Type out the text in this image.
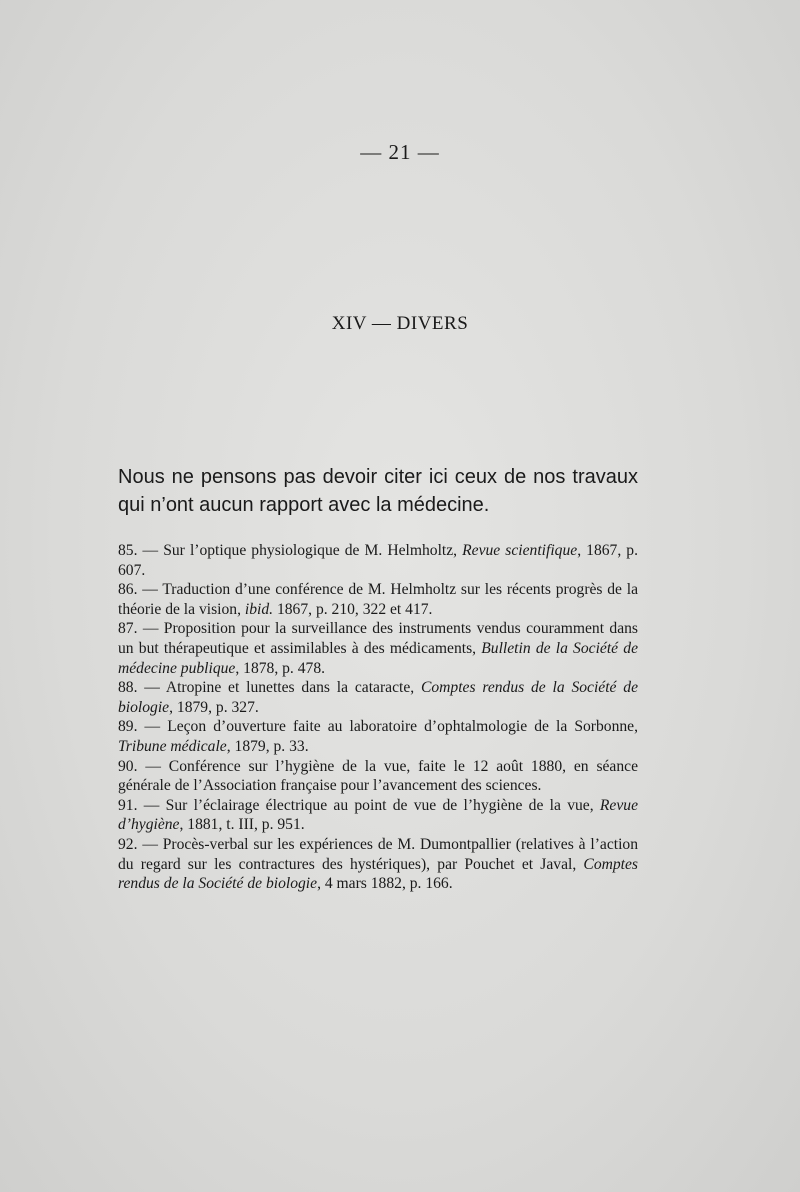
— 21 —
XIV — DIVERS

Nous ne pensons pas devoir citer ici ceux de nos travaux qui n’ont aucun rapport avec la médecine.

85. — Sur l’optique physiologique de M. Helmholtz, Revue scientifique, 1867, p. 607.

86. — Traduction d’une conférence de M. Helmholtz sur les récents progrès de la théorie de la vision, ibid. 1867, p. 210, 322 et 417.

87. — Proposition pour la surveillance des instruments vendus couramment dans un but thérapeutique et assimilables à des médicaments, Bulletin de la Société de médecine publique, 1878, p. 478.

88. — Atropine et lunettes dans la cataracte, Comptes rendus de la Société de biologie, 1879, p. 327.

89. — Leçon d’ouverture faite au laboratoire d’ophtalmologie de la Sorbonne, Tribune médicale, 1879, p. 33.

90. — Conférence sur l’hygiène de la vue, faite le 12 août 1880, en séance générale de l’Association française pour l’avancement des sciences.

91. — Sur l’éclairage électrique au point de vue de l’hygiène de la vue, Revue d’hygiène, 1881, t. III, p. 951.

92. — Procès-verbal sur les expériences de M. Dumontpallier (relatives à l’action du regard sur les contractures des hystériques), par Pouchet et Javal, Comptes rendus de la Société de biologie, 4 mars 1882, p. 166.
